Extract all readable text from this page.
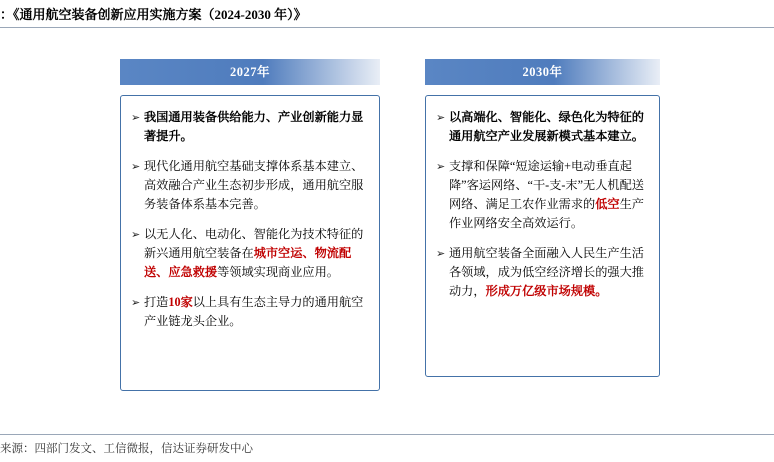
：《通用航空装备创新应用实施方案（2024-2030 年）》
2027年
➢ 我国通用装备供给能力、产业创新能力显著提升。
➢ 现代化通用航空基础支撑体系基本建立、高效融合产业生态初步形成，通用航空服务装备体系基本完善。
➢ 以无人化、电动化、智能化为技术特征的新兴通用航空装备在城市空运、物流配送、应急救援等领域实现商业应用。
➢ 打造10家以上具有生态主导力的通用航空产业链龙头企业。
2030年
➢ 以高端化、智能化、绿色化为特征的通用航空产业发展新模式基本建立。
➢ 支撑和保障“短途运输+电动垂直起降”客运网络、“干-支-末”无人机配送网络、满足工农作业需求的低空生产作业网络安全高效运行。
➢ 通用航空装备全面融入人民生产生活各领域，成为低空经济增长的强大推动力，形成万亿级市场规模。
来源：四部门发文、工信微报，信达证券研发中心
